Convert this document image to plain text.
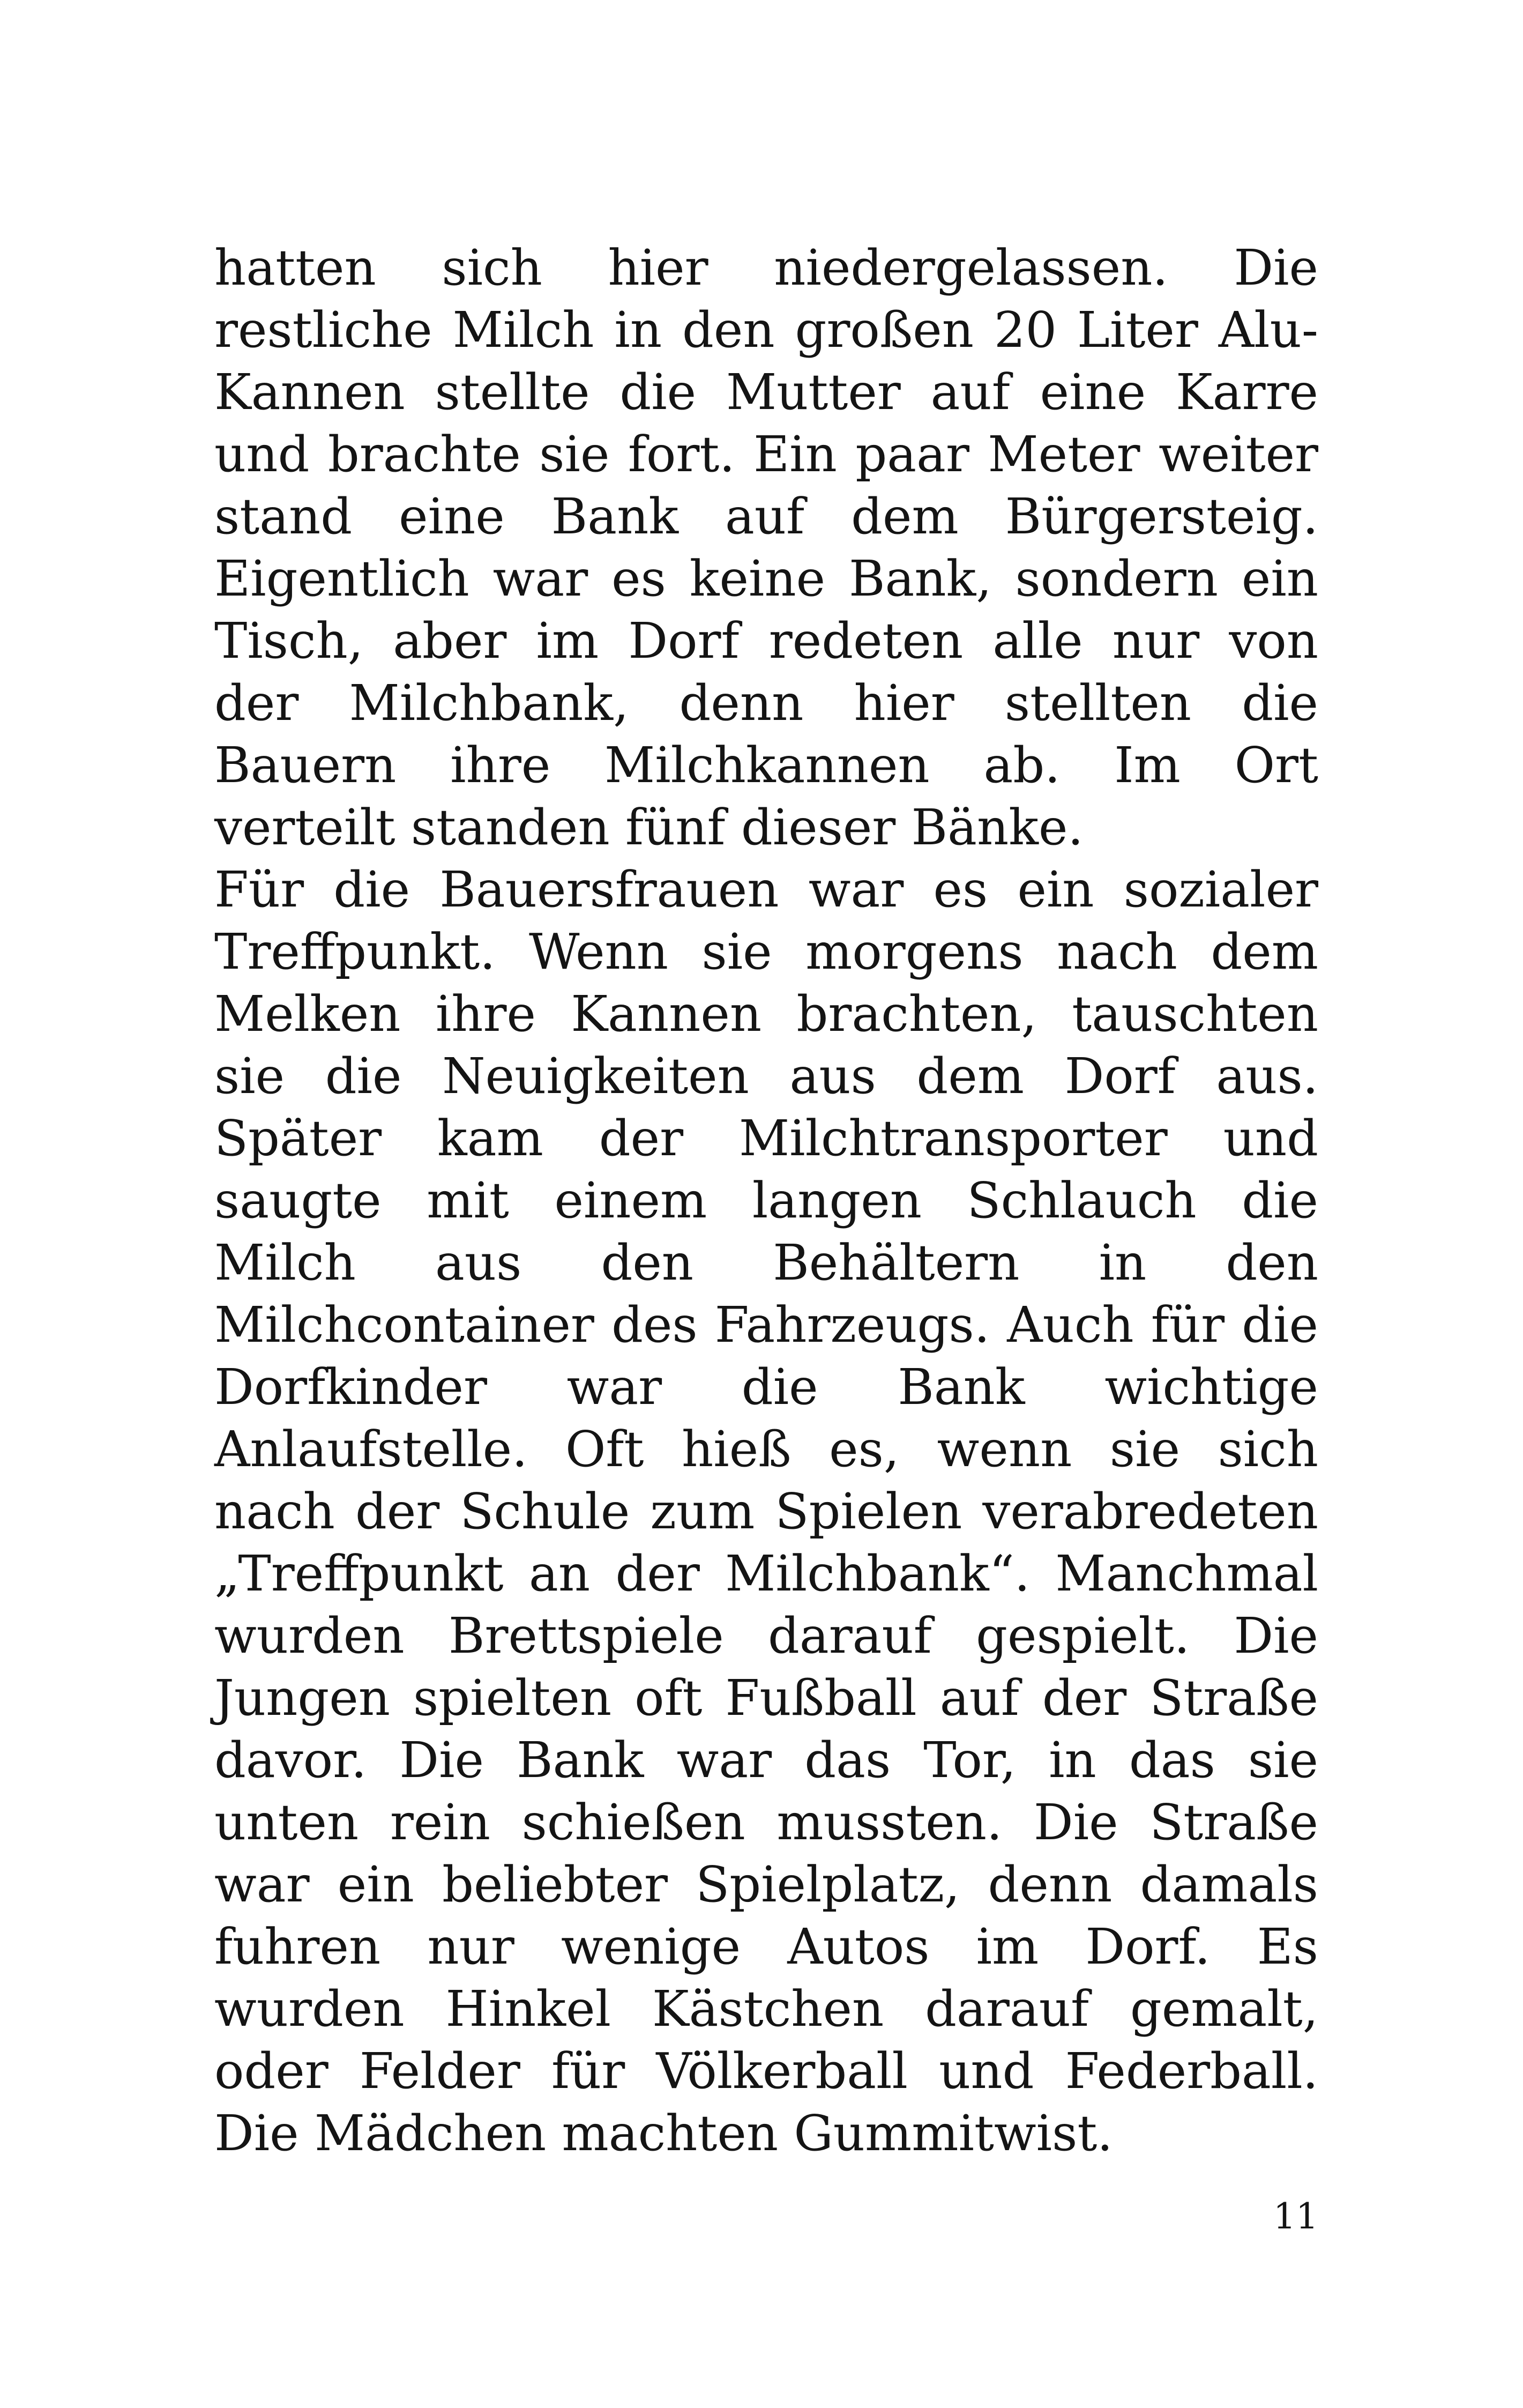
hatten sich hier niedergelassen. Die restliche Milch in den großen 20 Liter Alu-Kannen stellte die Mutter auf eine Karre und brachte sie fort. Ein paar Meter weiter stand eine Bank auf dem Bürgersteig. Eigentlich war es keine Bank, sondern ein Tisch, aber im Dorf redeten alle nur von der Milchbank, denn hier stellten die Bauern ihre Milchkannen ab. Im Ort verteilt standen fünf dieser Bänke.

Für die Bauersfrauen war es ein sozialer Treffpunkt. Wenn sie morgens nach dem Melken ihre Kannen brachten, tauschten sie die Neuigkeiten aus dem Dorf aus. Später kam der Milchtransporter und saugte mit einem langen Schlauch die Milch aus den Behältern in den Milchcontainer des Fahrzeugs. Auch für die Dorfkinder war die Bank wichtige Anlaufstelle. Oft hieß es, wenn sie sich nach der Schule zum Spielen verabredeten „Treffpunkt an der Milchbank“. Manchmal wurden Brettspiele darauf gespielt. Die Jungen spielten oft Fußball auf der Straße davor. Die Bank war das Tor, in das sie unten rein schießen mussten. Die Straße war ein beliebter Spielplatz, denn damals fuhren nur wenige Autos im Dorf. Es wurden Hinkel Kästchen darauf gemalt, oder Felder für Völkerball und Federball. Die Mädchen machten Gummitwist.

11
